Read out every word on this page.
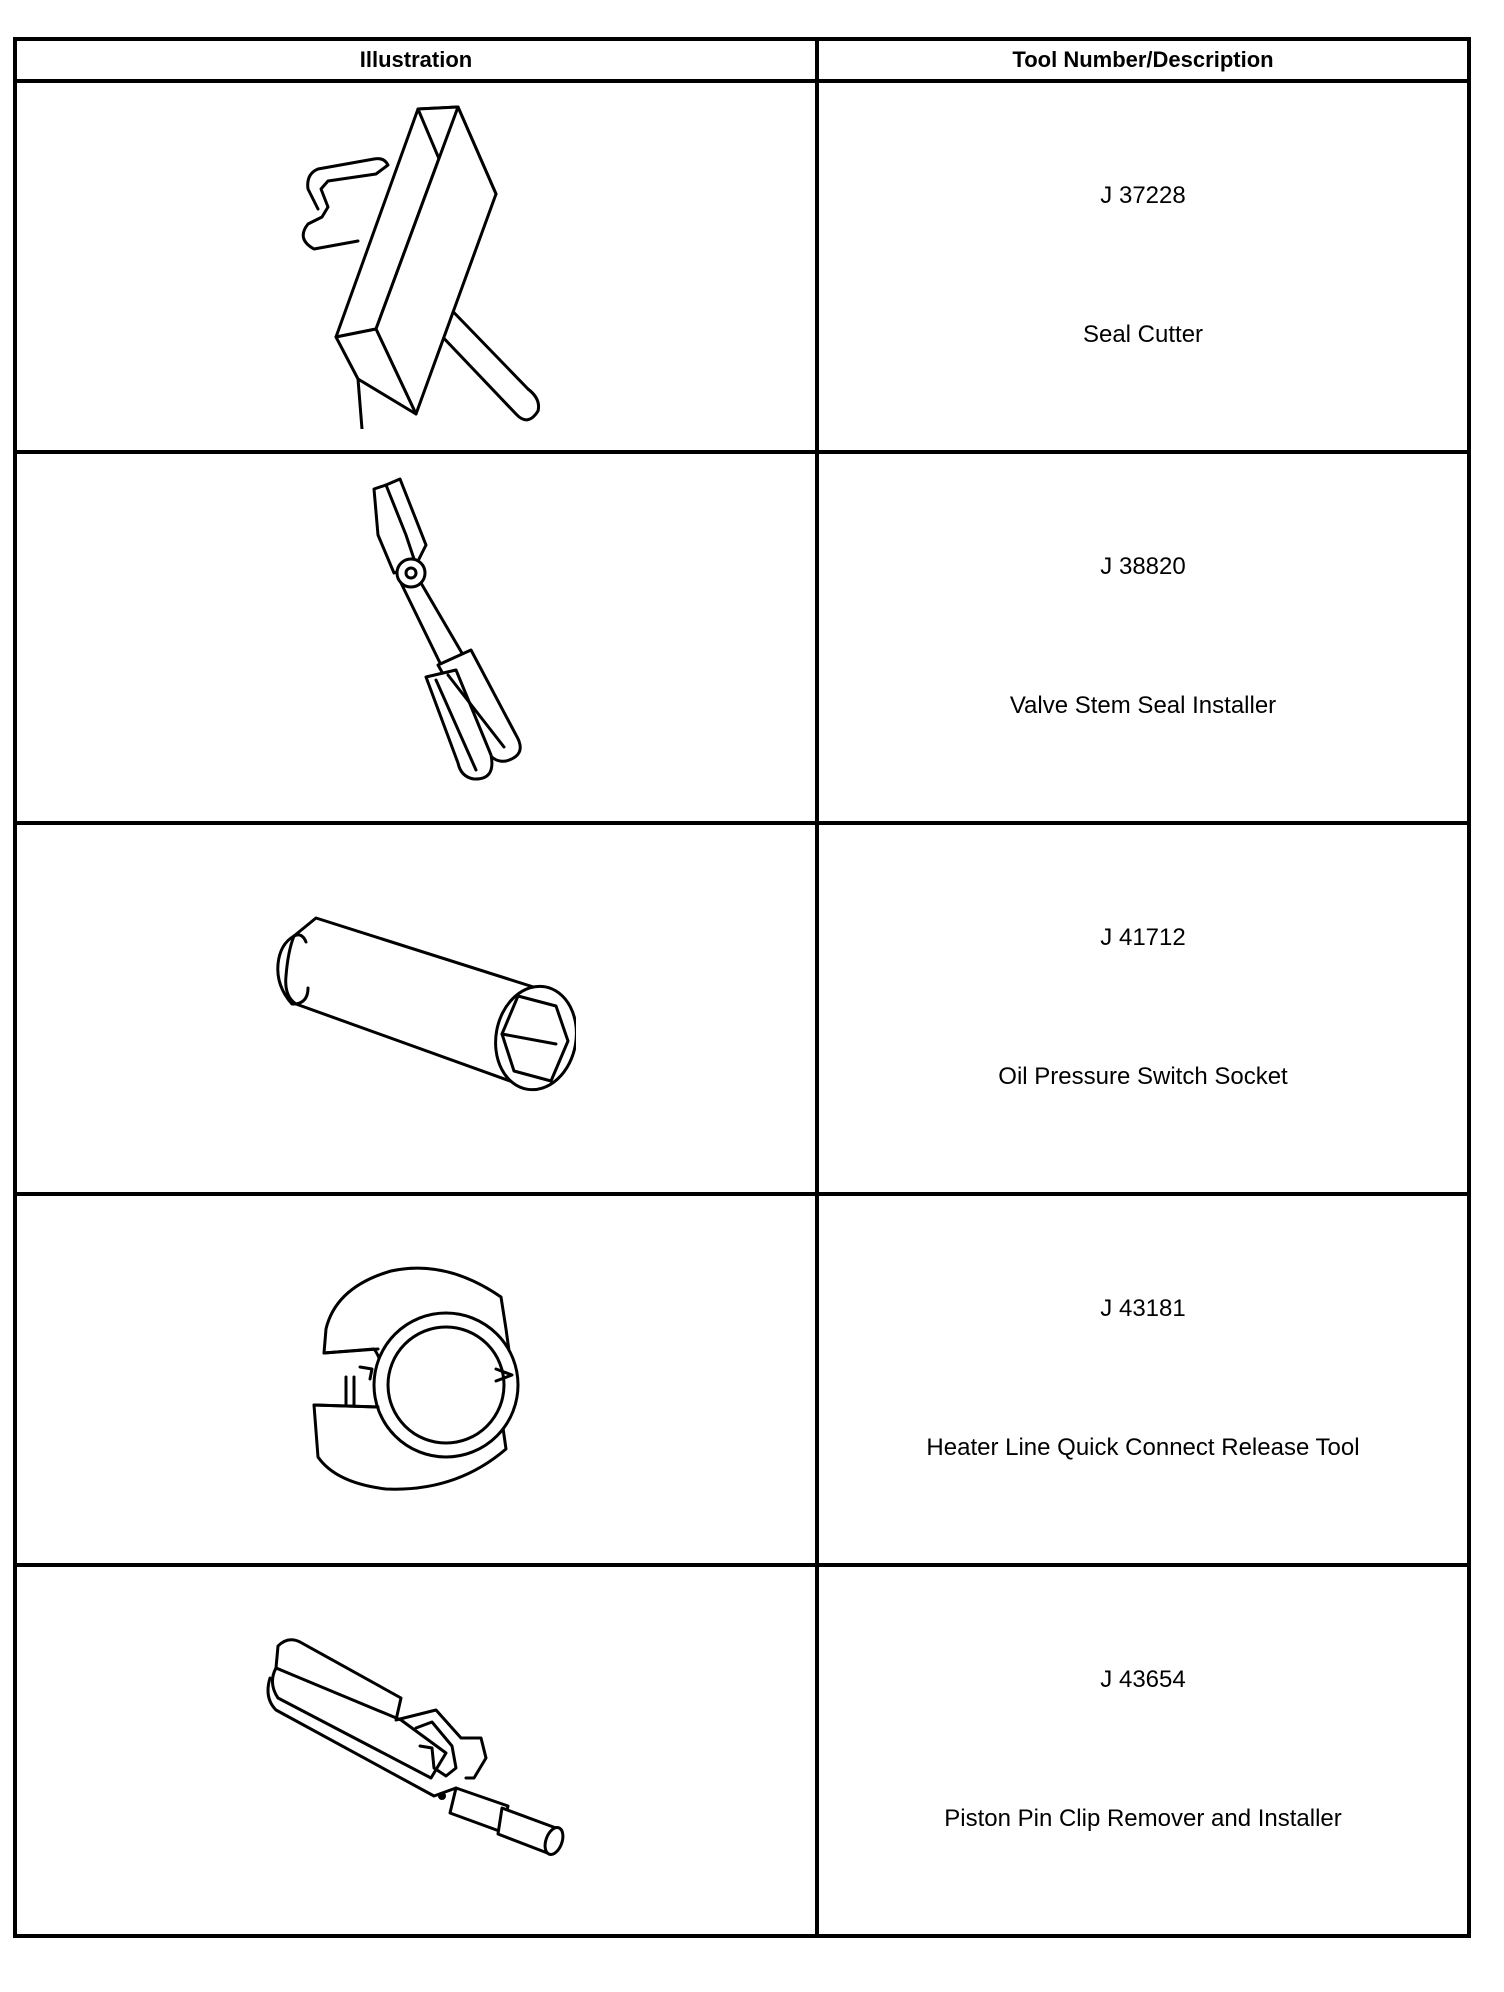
Illustration	Tool Number/Description

J 37228
Seal Cutter

J 38820
Valve Stem Seal Installer

J 41712
Oil Pressure Switch Socket

J 43181
Heater Line Quick Connect Release Tool

J 43654
Piston Pin Clip Remover and Installer
